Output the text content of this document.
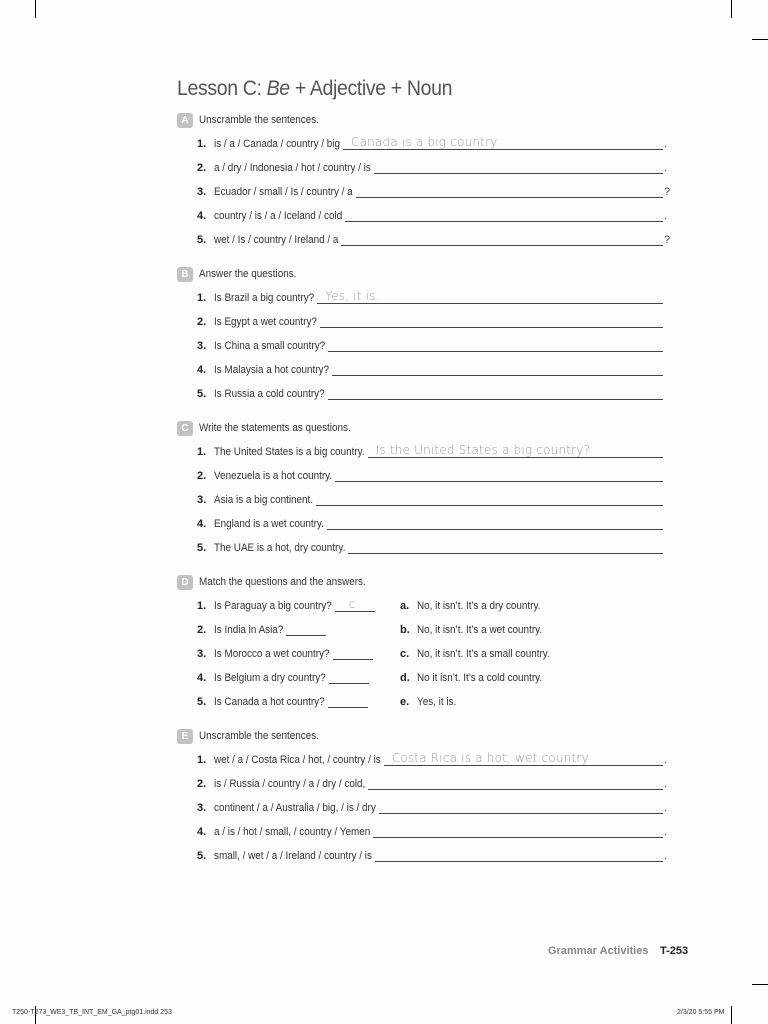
Lesson C: Be + Adjective + Noun
A Unscramble the sentences.
1. is / a / Canada / country / big Canada is a big country	.
2. a / dry / Indonesia / hot / country / is	.
3. Ecuador / small / Is / country / a	?
4. country / is / a / Iceland / cold	.
5. wet / Is / country / Ireland / a	?
B Answer the questions.
1. Is Brazil a big country? Yes, it is.
2. Is Egypt a wet country?
3. Is China a small country?
4. Is Malaysia a hot country?
5. Is Russia a cold country?
C Write the statements as questions.
1. The United States is a big country. Is the United States a big country?
2. Venezuela is a hot country.
3. Asia is a big continent.
4. England is a wet country.
5. The UAE is a hot, dry country.
D Match the questions and the answers.
1. Is Paraguay a big country? c
2. Is India in Asia?
3. Is Morocco a wet country?
4. Is Belgium a dry country?
5. Is Canada a hot country?
a. No, it isn’t. It’s a dry country.
b. No, it isn’t. It’s a wet country.
c. No, it isn’t. It’s a small country.
d. No it isn’t. It’s a cold country.
e. Yes, it is.
E Unscramble the sentences.
1. wet / a / Costa Rica / hot, / country / is Costa Rica is a hot, wet country	.
2. is / Russia / country / a / dry / cold,	.
3. continent / a / Australia / big, / is / dry	.
4. a / is / hot / small, / country / Yemen	.
5. small, / wet / a / Ireland / country / is	.
Grammar Activities T-253
T250-T273_WE3_TB_INT_EM_GA_ptg01.indd 253	2/3/20 5:55 PM
